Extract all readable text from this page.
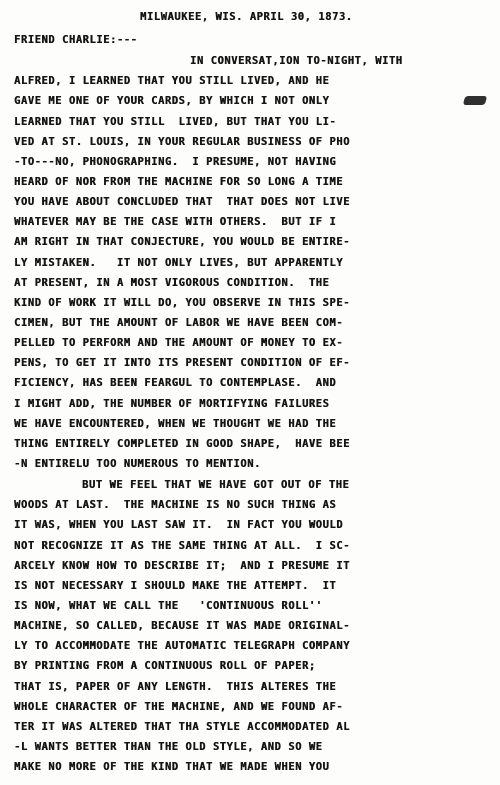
MILWAUKEE, WIS. APRIL 30, 1873.
FRIEND CHARLIE:---
IN CONVERSAT,ION TO-NIGHT, WITH
ALFRED, I LEARNED THAT YOU STILL LIVED, AND HE
GAVE ME ONE OF YOUR CARDS, BY WHICH I NOT ONLY
LEARNED THAT YOU STILL  LIVED, BUT THAT YOU LI-
VED AT ST. LOUIS, IN YOUR REGULAR BUSINESS OF PHO
-TO---NO, PHONOGRAPHING.  I PRESUME, NOT HAVING
HEARD OF NOR FROM THE MACHINE FOR SO LONG A TIME
YOU HAVE ABOUT CONCLUDED THAT  THAT DOES NOT LIVE
WHATEVER MAY BE THE CASE WITH OTHERS.  BUT IF I
AM RIGHT IN THAT CONJECTURE, YOU WOULD BE ENTIRE-
LY MISTAKEN.   IT NOT ONLY LIVES, BUT APPARENTLY
AT PRESENT, IN A MOST VIGOROUS CONDITION.  THE
KIND OF WORK IT WILL DO, YOU OBSERVE IN THIS SPE-
CIMEN, BUT THE AMOUNT OF LABOR WE HAVE BEEN COM-
PELLED TO PERFORM AND THE AMOUNT OF MONEY TO EX-
PENS, TO GET IT INTO ITS PRESENT CONDITION OF EF-
FICIENCY, HAS BEEN FEARGUL TO CONTEMPLASE.  AND
I MIGHT ADD, THE NUMBER OF MORTIFYING FAILURES
WE HAVE ENCOUNTERED, WHEN WE THOUGHT WE HAD THE
THING ENTIRELY COMPLETED IN GOOD SHAPE,  HAVE BEE
-N ENTIRELU TOO NUMEROUS TO MENTION.
BUT WE FEEL THAT WE HAVE GOT OUT OF THE
WOODS AT LAST.  THE MACHINE IS NO SUCH THING AS
IT WAS, WHEN YOU LAST SAW IT.  IN FACT YOU WOULD
NOT RECOGNIZE IT AS THE SAME THING AT ALL.  I SC-
ARCELY KNOW HOW TO DESCRIBE IT;  AND I PRESUME IT
IS NOT NECESSARY I SHOULD MAKE THE ATTEMPT.  IT
IS NOW, WHAT WE CALL THE   'CONTINUOUS ROLL''
MACHINE, SO CALLED, BECAUSE IT WAS MADE ORIGINAL-
LY TO ACCOMMODATE THE AUTOMATIC TELEGRAPH COMPANY
BY PRINTING FROM A CONTINUOUS ROLL OF PAPER;
THAT IS, PAPER OF ANY LENGTH.  THIS ALTERES THE
WHOLE CHARACTER OF THE MACHINE, AND WE FOUND AF-
TER IT WAS ALTERED THAT THA STYLE ACCOMMODATED AL
-L WANTS BETTER THAN THE OLD STYLE, AND SO WE
MAKE NO MORE OF THE KIND THAT WE MADE WHEN YOU
